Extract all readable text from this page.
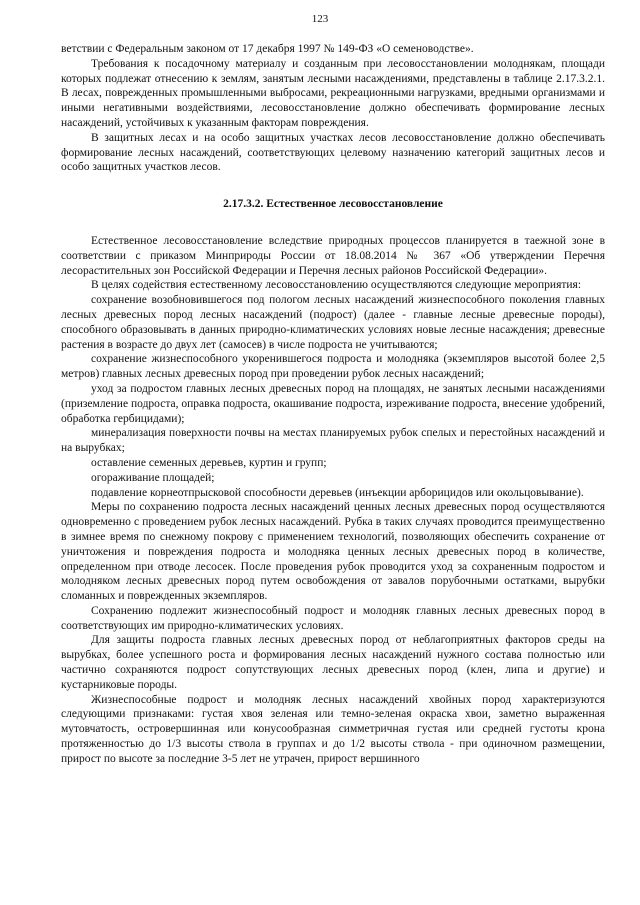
123

ветствии с Федеральным законом от 17 декабря 1997 № 149-ФЗ «О семеноводстве».

Требования к посадочному материалу и созданным при лесовосстановлении молоднякам, площади которых подлежат отнесению к землям, занятым лесными насаждениями, представлены в таблице 2.17.3.2.1. В лесах, поврежденных промышленными выбросами, рекреационными нагрузками, вредными организмами и иными негативными воздействиями, лесовосстановление должно обеспечивать формирование лесных насаждений, устойчивых к указанным факторам повреждения.

В защитных лесах и на особо защитных участках лесов лесовосстановление должно обеспечивать формирование лесных насаждений, соответствующих целевому назначению категорий защитных лесов и особо защитных участков лесов.

2.17.3.2. Естественное лесовосстановление

Естественное лесовосстановление вследствие природных процессов планируется в таежной зоне в соответствии с приказом Минприроды России от 18.08.2014 № 367 «Об утверждении Перечня лесорастительных зон Российской Федерации и Перечня лесных районов Российской Федерации».

В целях содействия естественному лесовосстановлению осуществляются следующие мероприятия:

сохранение возобновившегося под пологом лесных насаждений жизнеспособного поколения главных лесных древесных пород лесных насаждений (подрост) (далее - главные лесные древесные породы), способного образовывать в данных природно-климатических условиях новые лесные насаждения; древесные растения в возрасте до двух лет (самосев) в числе подроста не учитываются;

сохранение жизнеспособного укоренившегося подроста и молодняка (экземпляров высотой более 2,5 метров) главных лесных древесных пород при проведении рубок лесных насаждений;

уход за подростом главных лесных древесных пород на площадях, не занятых лесными насаждениями (приземление подроста, оправка подроста, окашивание подроста, изреживание подроста, внесение удобрений, обработка гербицидами);

минерализация поверхности почвы на местах планируемых рубок спелых и перестойных насаждений и на вырубках;

оставление семенных деревьев, куртин и групп;

огораживание площадей;

подавление корнеотпрысковой способности деревьев (инъекции арборицидов или окольцовывание).

Меры по сохранению подроста лесных насаждений ценных лесных древесных пород осуществляются одновременно с проведением рубок лесных насаждений. Рубка в таких случаях проводится преимущественно в зимнее время по снежному покрову с применением технологий, позволяющих обеспечить сохранение от уничтожения и повреждения подроста и молодняка ценных лесных древесных пород в количестве, определенном при отводе лесосек. После проведения рубок проводится уход за сохраненным подростом и молодняком лесных древесных пород путем освобождения от завалов порубочными остатками, вырубки сломанных и поврежденных экземпляров.

Сохранению подлежит жизнеспособный подрост и молодняк главных лесных древесных пород в соответствующих им природно-климатических условиях.

Для защиты подроста главных лесных древесных пород от неблагоприятных факторов среды на вырубках, более успешного роста и формирования лесных насаждений нужного состава полностью или частично сохраняются подрост сопутствующих лесных древесных пород (клен, липа и другие) и кустарниковые породы.

Жизнеспособные подрост и молодняк лесных насаждений хвойных пород характеризуются следующими признаками: густая хвоя зеленая или темно-зеленая окраска хвои, заметно выраженная мутовчатость, островершинная или конусообразная симметричная густая или средней густоты крона протяженностью до 1/3 высоты ствола в группах и до 1/2 высоты ствола - при одиночном размещении, прирост по высоте за последние 3-5 лет не утрачен, прирост вершинного
